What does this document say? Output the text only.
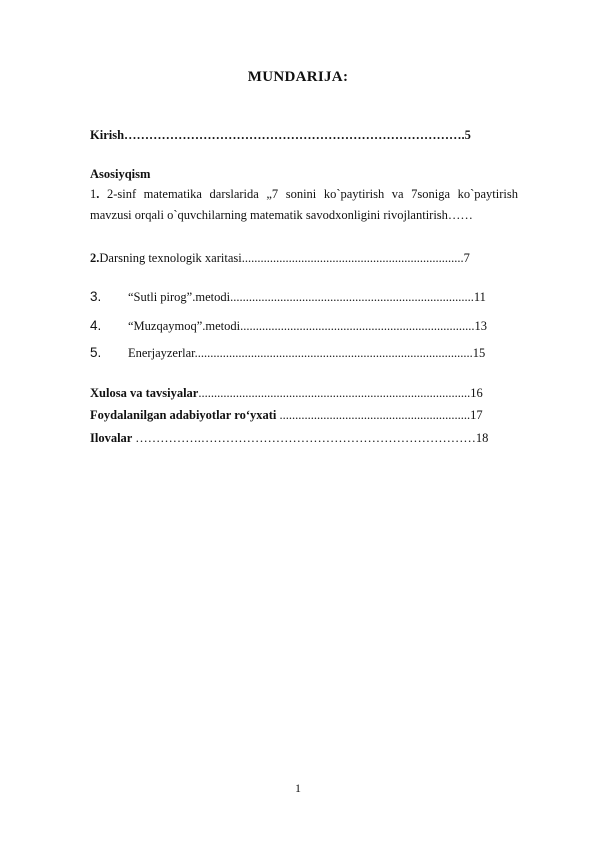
MUNDARIJA:
Kirish……………………………………………………………………….5
Asosiyqism
1. 2-sinf matematika darslarida „7 sonini ko`paytirish va 7soniga ko`paytirish
mavzusi orqali o`quvchilarning matematik savodxonligini rivojlantirish……
2.Darsning texnologik xaritasi.......................................................................7
3. “Sutli pirog”.metodi..............................................................................11
4. “Muzqaymoq”.metodi...........................................................................13
5. Enerjayzerlar.........................................................................................15
Xulosa va tavsiyalar.......................................................................................16
Foydalanilgan adabiyotlar ro‘yxati .............................................................17
Ilovalar …………….…………………………………………………………18
1
